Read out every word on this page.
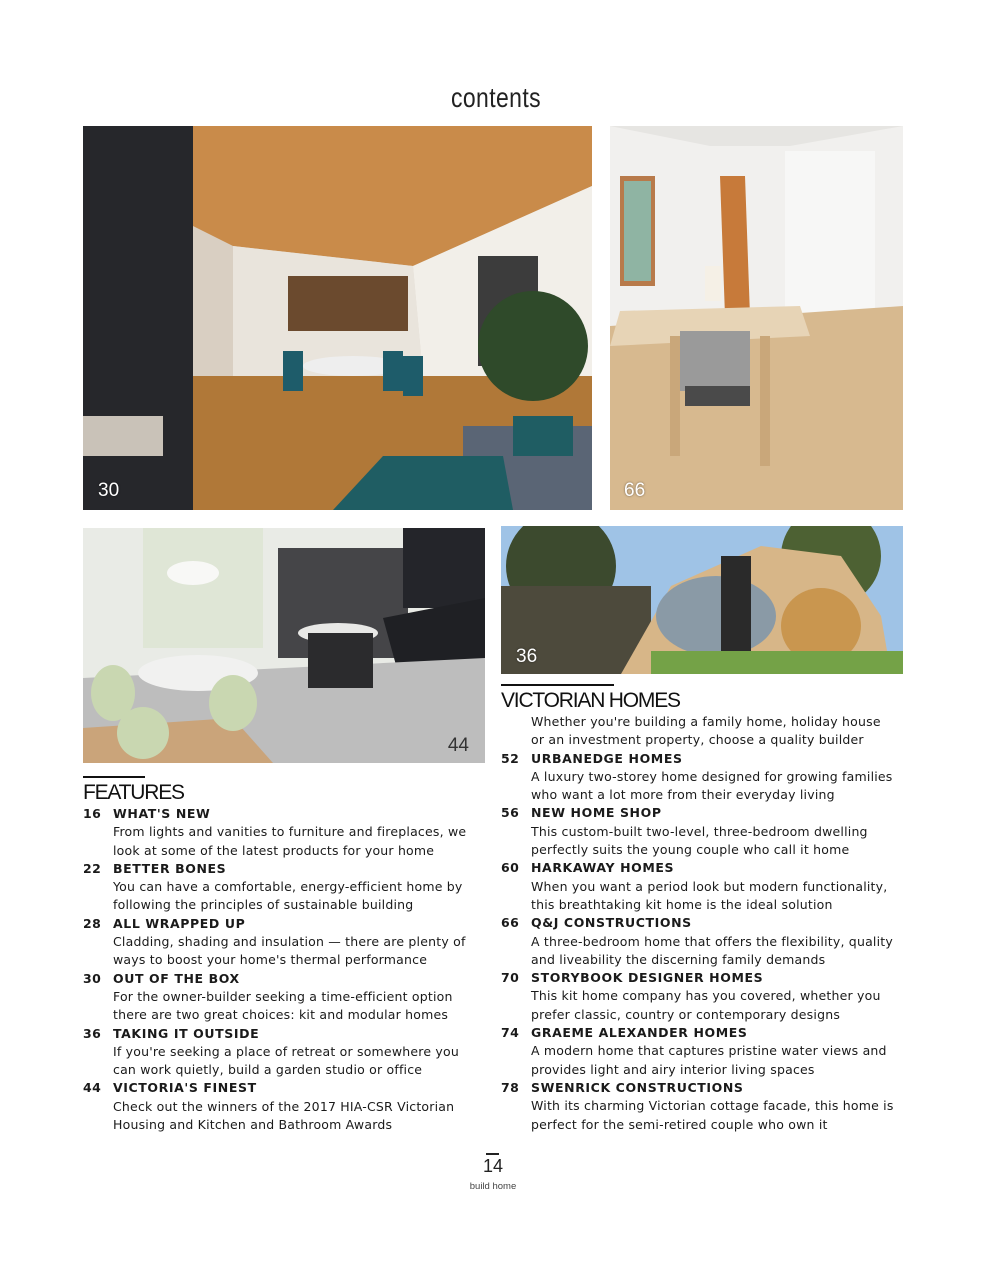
contents
30	66
44
36
FEATURES
16 WHAT'S NEW
From lights and vanities to furniture and fireplaces, we
look at some of the latest products for your home
22 BETTER BONES
You can have a comfortable, energy-efficient home by
following the principles of sustainable building
28 ALL WRAPPED UP
Cladding, shading and insulation — there are plenty of
ways to boost your home's thermal performance
30 OUT OF THE BOX
For the owner-builder seeking a time-efficient option
there are two great choices: kit and modular homes
36 TAKING IT OUTSIDE
If you're seeking a place of retreat or somewhere you
can work quietly, build a garden studio or office
44 VICTORIA'S FINEST
Check out the winners of the 2017 HIA-CSR Victorian
Housing and Kitchen and Bathroom Awards
VICTORIAN HOMES
Whether you're building a family home, holiday house
or an investment property, choose a quality builder
52 URBANEDGE HOMES
A luxury two-storey home designed for growing families
who want a lot more from their everyday living
56 NEW HOME SHOP
This custom-built two-level, three-bedroom dwelling
perfectly suits the young couple who call it home
60 HARKAWAY HOMES
When you want a period look but modern functionality,
this breathtaking kit home is the ideal solution
66 Q&J CONSTRUCTIONS
A three-bedroom home that offers the flexibility, quality
and liveability the discerning family demands
70 STORYBOOK DESIGNER HOMES
This kit home company has you covered, whether you
prefer classic, country or contemporary designs
74 GRAEME ALEXANDER HOMES
A modern home that captures pristine water views and
provides light and airy interior living spaces
78 SWENRICK CONSTRUCTIONS
With its charming Victorian cottage facade, this home is
perfect for the semi-retired couple who own it
14
build home
